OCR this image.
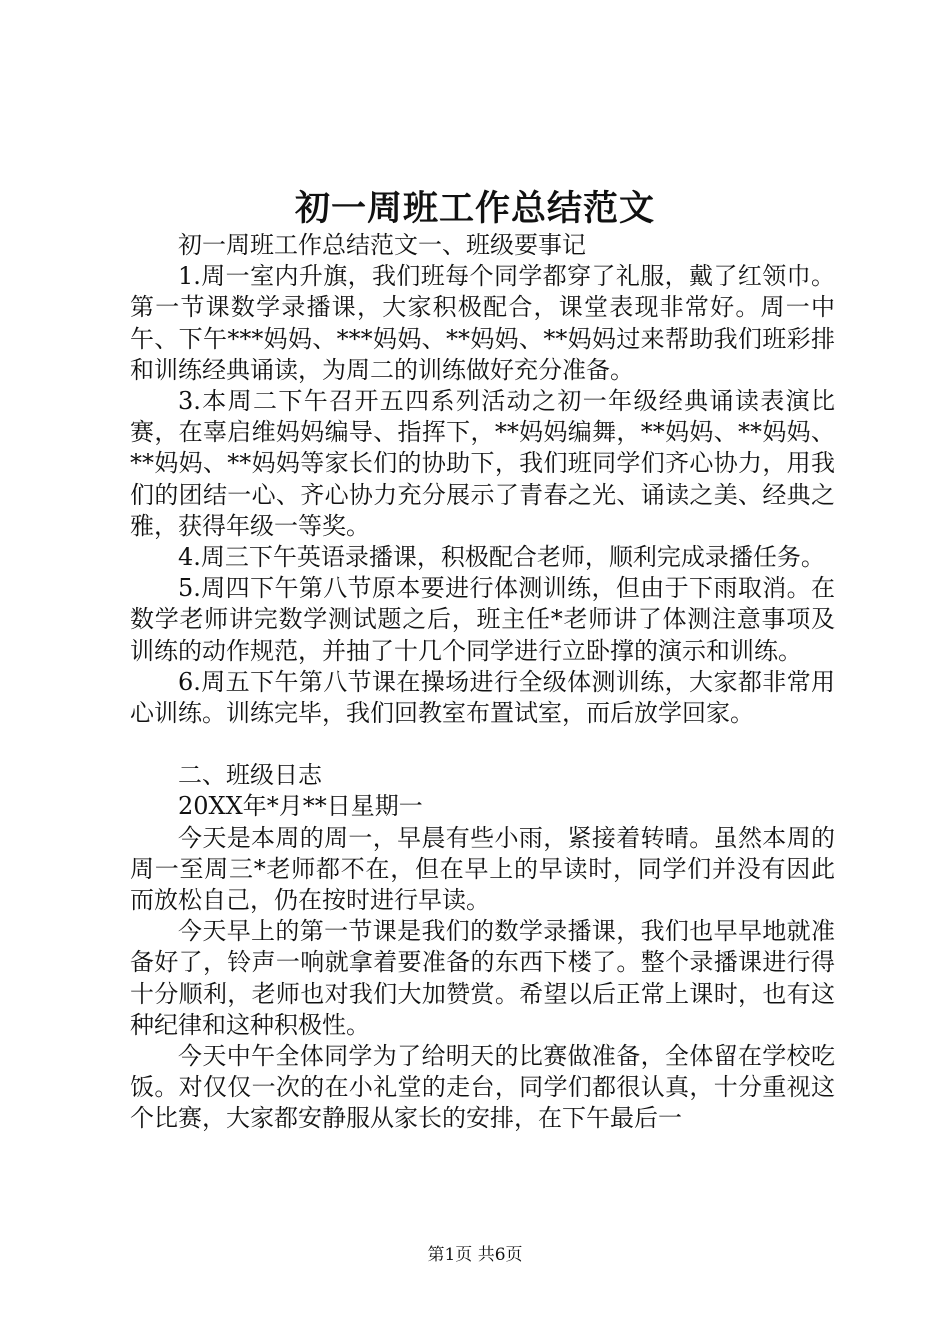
初一周班工作总结范文

初一周班工作总结范文一、班级要事记

1.周一室内升旗，我们班每个同学都穿了礼服，戴了红领巾。第一节课数学录播课，大家积极配合，课堂表现非常好。周一中午、下午***妈妈、***妈妈、**妈妈、**妈妈过来帮助我们班彩排和训练经典诵读，为周二的训练做好充分准备。

3.本周二下午召开五四系列活动之初一年级经典诵读表演比赛，在辜启维妈妈编导、指挥下，**妈妈编舞，**妈妈、**妈妈、**妈妈、**妈妈等家长们的协助下，我们班同学们齐心协力，用我们的团结一心、齐心协力充分展示了青春之光、诵读之美、经典之雅，获得年级一等奖。

4.周三下午英语录播课，积极配合老师，顺利完成录播任务。

5.周四下午第八节原本要进行体测训练，但由于下雨取消。在数学老师讲完数学测试题之后，班主任*老师讲了体测注意事项及训练的动作规范，并抽了十几个同学进行立卧撑的演示和训练。

6.周五下午第八节课在操场进行全级体测训练，大家都非常用心训练。训练完毕，我们回教室布置试室，而后放学回家。

二、班级日志

20XX年*月**日星期一

今天是本周的周一，早晨有些小雨，紧接着转晴。虽然本周的周一至周三*老师都不在，但在早上的早读时，同学们并没有因此而放松自己，仍在按时进行早读。

今天早上的第一节课是我们的数学录播课，我们也早早地就准备好了，铃声一响就拿着要准备的东西下楼了。整个录播课进行得十分顺利，老师也对我们大加赞赏。希望以后正常上课时，也有这种纪律和这种积极性。

今天中午全体同学为了给明天的比赛做准备，全体留在学校吃饭。对仅仅一次的在小礼堂的走台，同学们都很认真，十分重视这个比赛，大家都安静服从家长的安排，在下午最后一

第1页 共6页
